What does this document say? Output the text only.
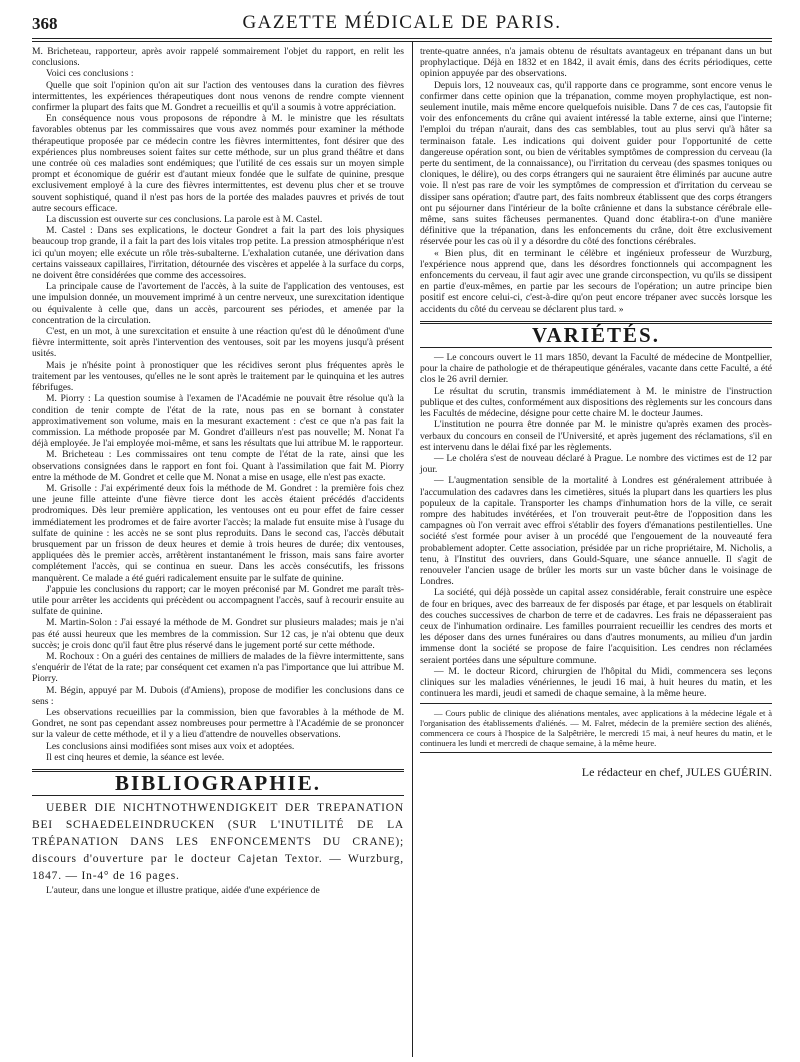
368	GAZETTE MÉDICALE DE PARIS.

M. Bricheteau, rapporteur, après avoir rappelé sommairement l'objet du rapport, en relit les conclusions.

Voici ces conclusions :

Quelle que soit l'opinion qu'on ait sur l'action des ventouses dans la curation des fièvres intermittentes, les expériences thérapeutiques dont nous venons de rendre compte viennent confirmer la plupart des faits que M. Gondret a recueillis et qu'il a soumis à votre appréciation.

En conséquence nous vous proposons de répondre à M. le ministre que les résultats favorables obtenus par les commissaires que vous avez nommés pour examiner la méthode thérapeutique proposée par ce médecin contre les fièvres intermittentes, font désirer que des expériences plus nombreuses soient faites sur cette méthode, sur un plus grand théâtre et dans une contrée où ces maladies sont endémiques; que l'utilité de ces essais sur un moyen simple prompt et économique de guérir est d'autant mieux fondée que le sulfate de quinine, presque exclusivement employé à la cure des fièvres intermittentes, est devenu plus cher et se trouve souvent sophistiqué, quand il n'est pas hors de la portée des malades pauvres et privés de tout autre secours efficace.

La discussion est ouverte sur ces conclusions. La parole est à M. Castel.

M. Castel : Dans ses explications, le docteur Gondret a fait la part des lois physiques beaucoup trop grande, il a fait la part des lois vitales trop petite. La pression atmosphérique n'est ici qu'un moyen; elle exécute un rôle très-subalterne. L'exhalation cutanée, une dérivation dans certains vaisseaux capillaires, l'irritation, détournée des viscères et appelée à la surface du corps, ne doivent être considérées que comme des accessoires.

La principale cause de l'avortement de l'accès, à la suite de l'application des ventouses, est une impulsion donnée, un mouvement imprimé à un centre nerveux, une surexcitation identique ou équivalente à celle que, dans un accès, parcourent ses périodes, et amenée par la concentration de la circulation.

C'est, en un mot, à une surexcitation et ensuite à une réaction qu'est dû le dénoûment d'une fièvre intermittente, soit après l'intervention des ventouses, soit par les moyens jusqu'à présent usités.

Mais je n'hésite point à pronostiquer que les récidives seront plus fréquentes après le traitement par les ventouses, qu'elles ne le sont après le traitement par le quinquina et les autres fébrifuges.

M. Piorry : La question soumise à l'examen de l'Académie ne pouvait être résolue qu'à la condition de tenir compte de l'état de la rate, nous pas en se bornant à constater approximativement son volume, mais en la mesurant exactement : c'est ce que n'a pas fait la commission. La méthode proposée par M. Gondret d'ailleurs n'est pas nouvelle; M. Nonat l'a déjà employée. Je l'ai employée moi-même, et sans les résultats que lui attribue M. le rapporteur.

M. Bricheteau : Les commissaires ont tenu compte de l'état de la rate, ainsi que les observations consignées dans le rapport en font foi. Quant à l'assimilation que fait M. Piorry entre la méthode de M. Gondret et celle que M. Nonat a mise en usage, elle n'est pas exacte.

M. Grisolle : J'ai expérimenté deux fois la méthode de M. Gondret : la première fois chez une jeune fille atteinte d'une fièvre tierce dont les accès étaient précédés d'accidents prodromiques. Dès leur première application, les ventouses ont eu pour effet de faire cesser immédiatement les prodromes et de faire avorter l'accès; la malade fut ensuite mise à l'usage du sulfate de quinine : les accès ne se sont plus reproduits. Dans le second cas, l'accès débutait brusquement par un frisson de deux heures et demie à trois heures de durée; dix ventouses, appliquées dès le premier accès, arrêtèrent instantanément le frisson, mais sans faire avorter complétement l'accès, qui se continua en sueur. Dans les accès consécutifs, les frissons manquèrent. Ce malade a été guéri radicalement ensuite par le sulfate de quinine.

J'appuie les conclusions du rapport; car le moyen préconisé par M. Gondret me paraît très-utile pour arrêter les accidents qui précèdent ou accompagnent l'accès, sauf à recourir ensuite au sulfate de quinine.

M. Martin-Solon : J'ai essayé la méthode de M. Gondret sur plusieurs malades; mais je n'ai pas été aussi heureux que les membres de la commission. Sur 12 cas, je n'ai obtenu que deux succès; je crois donc qu'il faut être plus réservé dans le jugement porté sur cette méthode.

M. Rochoux : On a guéri des centaines de milliers de malades de la fièvre intermittente, sans s'enquérir de l'état de la rate; par conséquent cet examen n'a pas l'importance que lui attribue M. Piorry.

M. Bégin, appuyé par M. Dubois (d'Amiens), propose de modifier les conclusions dans ce sens :

Les observations recueillies par la commission, bien que favorables à la méthode de M. Gondret, ne sont pas cependant assez nombreuses pour permettre à l'Académie de se prononcer sur la valeur de cette méthode, et il y a lieu d'attendre de nouvelles observations.

Les conclusions ainsi modifiées sont mises aux voix et adoptées.

Il est cinq heures et demie, la séance est levée.

BIBLIOGRAPHIE.

UEBER DIE NICHTNOTHWENDIGKEIT DER TREPANATION BEI SCHAEDELEINDRUCKEN (SUR L'INUTILITÉ DE LA TRÉPANATION DANS LES ENFONCEMENTS DU CRANE); discours d'ouverture par le docteur Cajetan Textor. — Wurzburg, 1847. — In-4° de 16 pages.

L'auteur, dans une longue et illustre pratique, aidée d'une expérience de

trente-quatre années, n'a jamais obtenu de résultats avantageux en trépanant dans un but prophylactique. Déjà en 1832 et en 1842, il avait émis, dans des écrits périodiques, cette opinion appuyée par des observations.

Depuis lors, 12 nouveaux cas, qu'il rapporte dans ce programme, sont encore venus le confirmer dans cette opinion que la trépanation, comme moyen prophylactique, est non-seulement inutile, mais même encore quelquefois nuisible. Dans 7 de ces cas, l'autopsie fit voir des enfoncements du crâne qui avaient intéressé la table externe, ainsi que l'interne; l'emploi du trépan n'aurait, dans des cas semblables, tout au plus servi qu'à hâter sa terminaison fatale. Les indications qui doivent guider pour l'opportunité de cette dangereuse opération sont, ou bien de véritables symptômes de compression du cerveau (la perte du sentiment, de la connaissance), ou l'irritation du cerveau (des spasmes toniques ou cloniques, le délire), ou des corps étrangers qui ne sauraient être éliminés par aucune autre voie. Il n'est pas rare de voir les symptômes de compression et d'irritation du cerveau se dissiper sans opération; d'autre part, des faits nombreux établissent que des corps étrangers ont pu séjourner dans l'intérieur de la boîte crânienne et dans la substance cérébrale elle-même, sans suites fâcheuses permanentes. Quand donc établira-t-on d'une manière définitive que la trépanation, dans les enfoncements du crâne, doit être exclusivement réservée pour les cas où il y a désordre du côté des fonctions cérébrales.

« Bien plus, dit en terminant le célèbre et ingénieux professeur de Wurzburg, l'expérience nous apprend que, dans les désordres fonctionnels qui accompagnent les enfoncements du cerveau, il faut agir avec une grande circonspection, vu qu'ils se dissipent en partie d'eux-mêmes, en partie par les secours de l'opération; un autre principe bien positif est encore celui-ci, c'est-à-dire qu'on peut encore trépaner avec succès lorsque les accidents du côté du cerveau se déclarent plus tard. »

VARIÉTÉS.

— Le concours ouvert le 11 mars 1850, devant la Faculté de médecine de Montpellier, pour la chaire de pathologie et de thérapeutique générales, vacante dans cette Faculté, a été clos le 26 avril dernier.

Le résultat du scrutin, transmis immédiatement à M. le ministre de l'instruction publique et des cultes, conformément aux dispositions des règlements sur les concours dans les Facultés de médecine, désigne pour cette chaire M. le docteur Jaumes.

L'institution ne pourra être donnée par M. le ministre qu'après examen des procès-verbaux du concours en conseil de l'Université, et après jugement des réclamations, s'il en est intervenu dans le délai fixé par les règlements.

— Le choléra s'est de nouveau déclaré à Prague. Le nombre des victimes est de 12 par jour.

— L'augmentation sensible de la mortalité à Londres est généralement attribuée à l'accumulation des cadavres dans les cimetières, situés la plupart dans les quartiers les plus populeux de la capitale. Transporter les champs d'inhumation hors de la ville, ce serait rompre des habitudes invétérées, et l'on trouverait peut-être de l'opposition dans les campagnes où l'on verrait avec effroi s'établir des foyers d'émanations pestilentielles. Une société s'est formée pour aviser à un procédé que l'engouement de la nouveauté fera probablement adopter. Cette association, présidée par un riche propriétaire, M. Nicholis, a tenu, à l'Institut des ouvriers, dans Gould-Square, une séance annuelle. Il s'agit de renouveler l'ancien usage de brûler les morts sur un vaste bûcher dans le voisinage de Londres.

La société, qui déjà possède un capital assez considérable, ferait construire une espèce de four en briques, avec des barreaux de fer disposés par étage, et par lesquels on établirait des couches successives de charbon de terre et de cadavres. Les frais ne dépasseraient pas ceux de l'inhumation ordinaire. Les familles pourraient recueillir les cendres des morts et les déposer dans des urnes funéraires ou dans d'autres monuments, au milieu d'un jardin immense dont la société se propose de faire l'acquisition. Les cendres non réclamées seraient portées dans une sépulture commune.

— M. le docteur Ricord, chirurgien de l'hôpital du Midi, commencera ses leçons cliniques sur les maladies vénériennes, le jeudi 16 mai, à huit heures du matin, et les continuera les mardi, jeudi et samedi de chaque semaine, à la même heure.

— Cours public de clinique des aliénations mentales, avec applications à la médecine légale et à l'organisation des établissements d'aliénés. — M. Falret, médecin de la première section des aliénés, commencera ce cours à l'hospice de la Salpêtrière, le mercredi 15 mai, à neuf heures du matin, et le continuera les lundi et mercredi de chaque semaine, à la même heure.

Le rédacteur en chef, JULES GUÉRIN.
